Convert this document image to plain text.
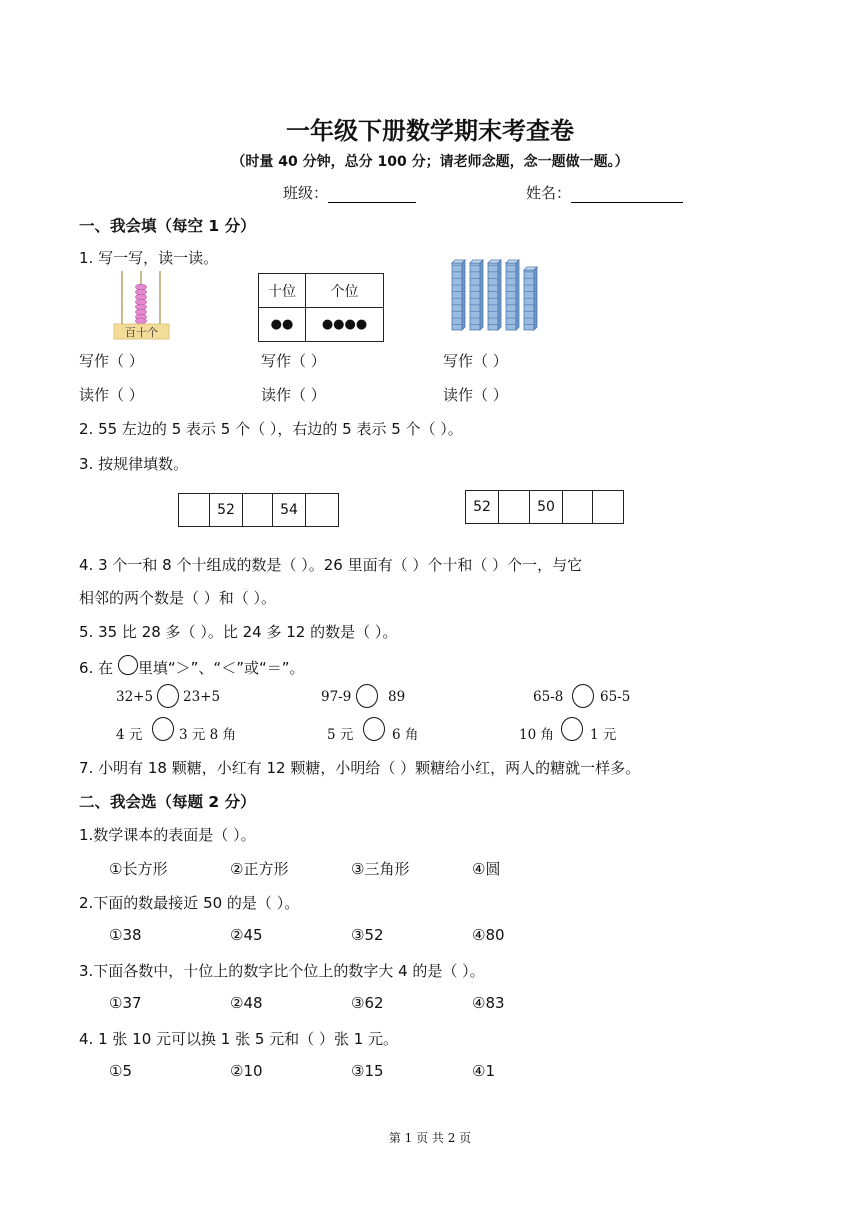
一年级下册数学期末考查卷
（时量 40 分钟，总分 100 分；请老师念题，念一题做一题。）
班级：	姓名：
一、我会填（每空 1 分）
1. 写一写，读一读。
百十个
十位	个位
●●	●●●●
写作（ ）	写作（ ）	写作（ ）
读作（ ）	读作（ ）	读作（ ）
2. 55 左边的 5 表示 5 个（ ），右边的 5 表示 5 个（ ）。
3. 按规律填数。
	52		54		52		50		
4. 3 个一和 8 个十组成的数是（ ）。26 里面有（ ）个十和（ ）个一，与它
相邻的两个数是（ ）和（ ）。
5. 35 比 28 多（ ）。比 24 多 12 的数是（ ）。
6. 在 里填“＞”、“＜”或“＝”。
32+5 23+5	97-9	89	65-8	65-5
4 元	3 元 8 角	5 元	6 角	10 角	1 元
7. 小明有 18 颗糖，小红有 12 颗糖，小明给（ ）颗糖给小红，两人的糖就一样多。
二、我会选（每题 2 分）
1.数学课本的表面是（ ）。
①长方形	②正方形	③三角形	④圆
2.下面的数最接近 50 的是（ ）。
①38	②45	③52	④80
3.下面各数中，十位上的数字比个位上的数字大 4 的是（ ）。
①37	②48	③62	④83
4. 1 张 10 元可以换 1 张 5 元和（ ）张 1 元。
①5	②10	③15	④1
第 1 页 共 2 页
